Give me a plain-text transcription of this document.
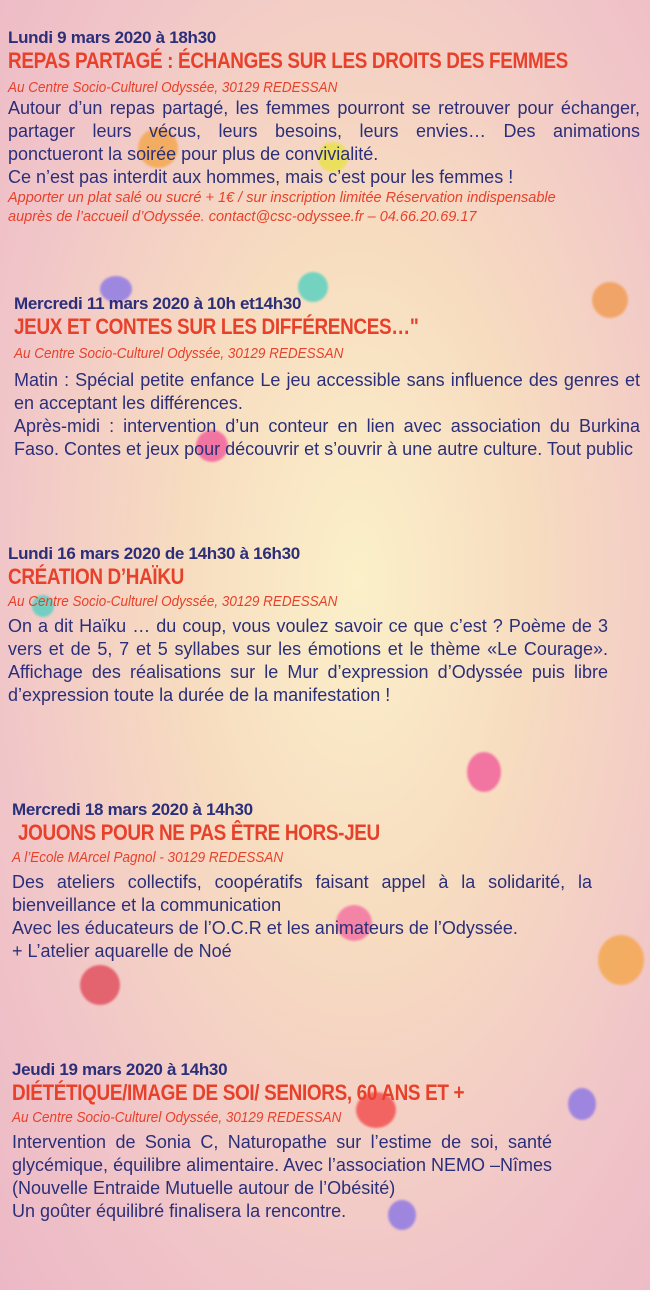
Lundi 9 mars 2020 à 18h30
REPAS PARTAGÉ : ÉCHANGES SUR LES DROITS DES FEMMES
Au Centre Socio-Culturel Odyssée, 30129 REDESSAN

Autour d’un repas partagé, les femmes pourront se retrouver pour échanger, partager leurs vécus, leurs besoins, leurs envies… Des animations ponctueront la soirée pour plus de convivialité.

Ce n’est pas interdit aux hommes, mais c’est pour les femmes !

Apporter un plat salé ou sucré + 1€ / sur inscription limitée Réservation indispensable

auprès de l’accueil d’Odyssée. contact@csc-odyssee.fr – 04.66.20.69.17

Mercredi 11 mars 2020 à 10h et14h30
JEUX ET CONTES SUR LES DIFFÉRENCES…"
Au Centre Socio-Culturel Odyssée, 30129 REDESSAN

Matin : Spécial petite enfance Le jeu accessible sans influence des genres et en acceptant les différences.

Après-midi : intervention d’un conteur en lien avec association du Burkina Faso. Contes et jeux pour découvrir et s’ouvrir à une autre culture. Tout public

Lundi 16 mars 2020 de 14h30 à 16h30
CRÉATION D’HAÏKU
Au Centre Socio-Culturel Odyssée, 30129 REDESSAN

On a dit Haïku … du coup, vous voulez savoir ce que c’est ? Poème de 3 vers et de 5, 7 et 5 syllabes sur les émotions et le thème «Le Courage». Affichage des réalisations sur le Mur d’expression d’Odyssée puis libre d’expression toute la durée de la manifestation !

Mercredi 18 mars 2020 à 14h30
JOUONS POUR NE PAS ÊTRE HORS-JEU
A l’Ecole MArcel Pagnol - 30129 REDESSAN

Des ateliers collectifs, coopératifs faisant appel à la solidarité, la bienveillance et la communication

Avec les éducateurs de l’O.C.R et les animateurs de l’Odyssée.

+ L’atelier aquarelle de Noé

Jeudi 19 mars 2020 à 14h30
DIÉTÉTIQUE/IMAGE DE SOI/ SENIORS, 60 ANS ET +
Au Centre Socio-Culturel Odyssée, 30129 REDESSAN

Intervention de Sonia C, Naturopathe sur l’estime de soi, santé glycémique, équilibre alimentaire. Avec l’association NEMO –Nîmes (Nouvelle Entraide Mutuelle autour de l’Obésité)

Un goûter équilibré finalisera la rencontre.
